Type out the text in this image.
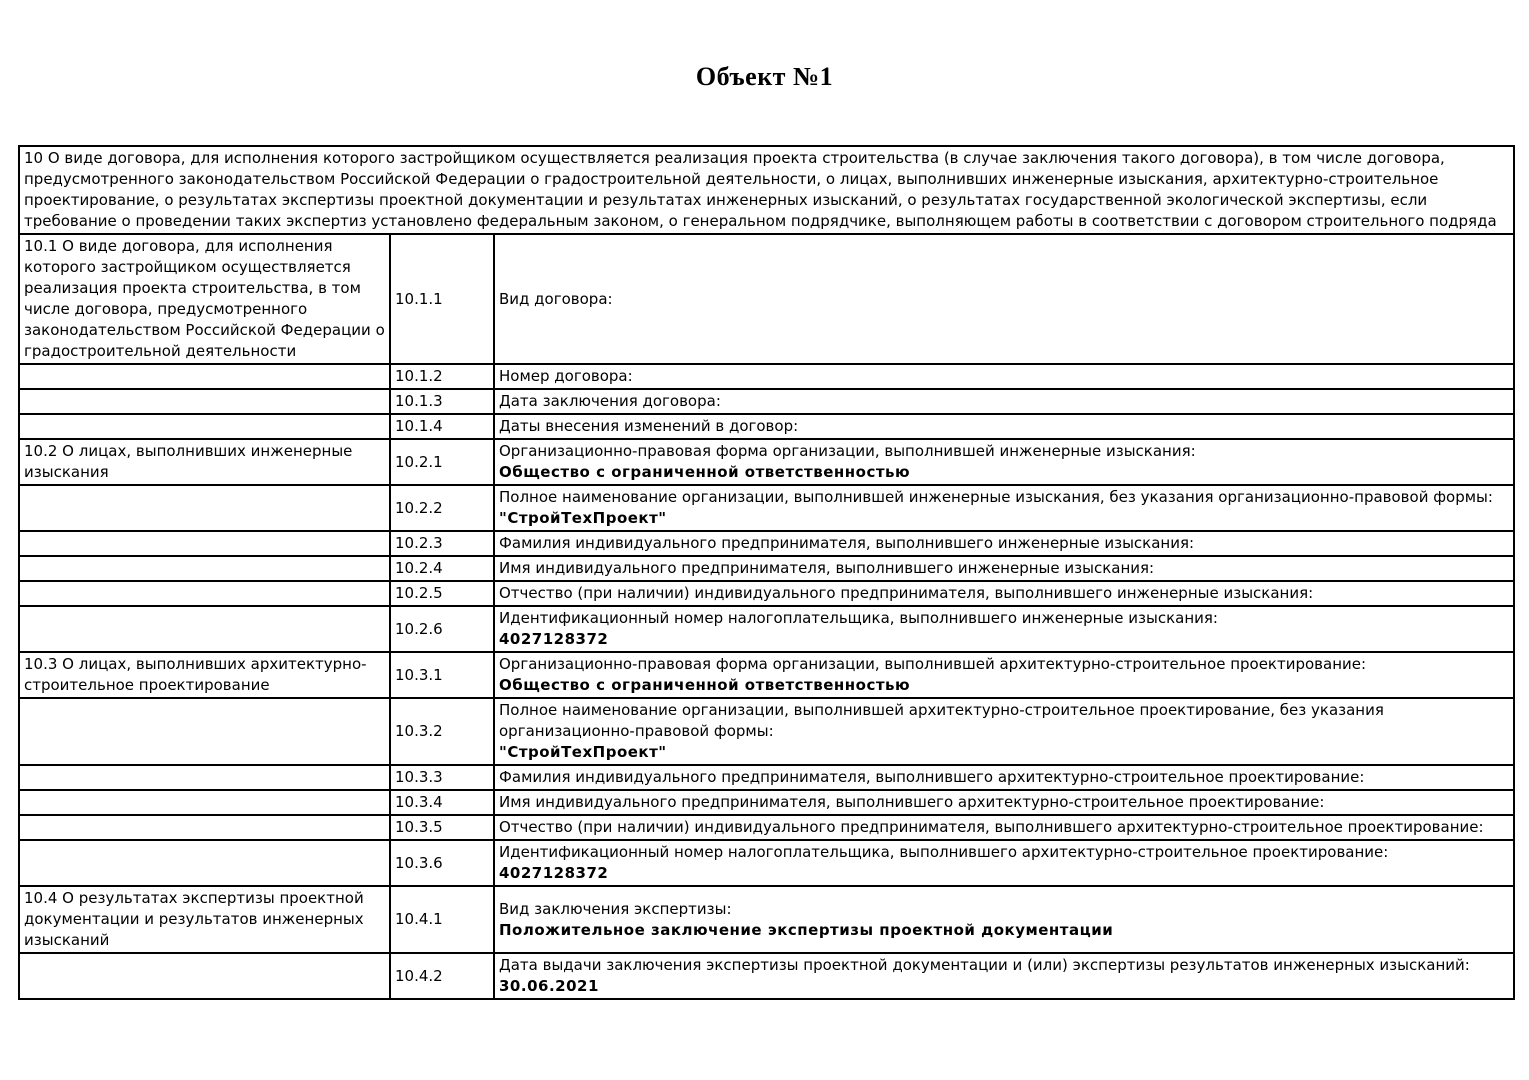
Объект №1
10 О виде договора, для исполнения которого застройщиком осуществляется реализация проекта строительства (в случае заключения такого договора), в том числе договора, предусмотренного законодательством Российской Федерации о градостроительной деятельности, о лицах, выполнивших инженерные изыскания, архитектурно-строительное проектирование, о результатах экспертизы проектной документации и результатах инженерных изысканий, о результатах государственной экологической экспертизы, если требование о проведении таких экспертиз установлено федеральным законом, о генеральном подрядчике, выполняющем работы в соответствии с договором строительного подряда		
10.1 О виде договора, для исполнения которого застройщиком осуществляется реализация проекта строительства, в том числе договора, предусмотренного законодательством Российской Федерации о градостроительной деятельности	10.1.1	Вид договора:

	10.1.2	Номер договора:

	10.1.3	Дата заключения договора:

	10.1.4	Даты внесения изменений в договор:

10.2 О лицах, выполнивших инженерные изыскания	10.2.1	Организационно-правовая форма организации, выполнившей инженерные изыскания:
Общество с ограниченной ответственностью

	10.2.2	Полное наименование организации, выполнившей инженерные изыскания, без указания организационно-правовой формы:
"СтройТехПроект"

	10.2.3	Фамилия индивидуального предпринимателя, выполнившего инженерные изыскания:

	10.2.4	Имя индивидуального предпринимателя, выполнившего инженерные изыскания:

	10.2.5	Отчество (при наличии) индивидуального предпринимателя, выполнившего инженерные изыскания:

	10.2.6	Идентификационный номер налогоплательщика, выполнившего инженерные изыскания:
4027128372

10.3 О лицах, выполнивших архитектурно-строительное проектирование	10.3.1	Организационно-правовая форма организации, выполнившей архитектурно-строительное проектирование:
Общество с ограниченной ответственностью

	10.3.2	Полное наименование организации, выполнившей архитектурно-строительное проектирование, без указания организационно-правовой формы:
"СтройТехПроект"

	10.3.3	Фамилия индивидуального предпринимателя, выполнившего архитектурно-строительное проектирование:

	10.3.4	Имя индивидуального предпринимателя, выполнившего архитектурно-строительное проектирование:

	10.3.5	Отчество (при наличии) индивидуального предпринимателя, выполнившего архитектурно-строительное проектирование:

	10.3.6	Идентификационный номер налогоплательщика, выполнившего архитектурно-строительное проектирование:
4027128372

10.4 О результатах экспертизы проектной документации и результатов инженерных изысканий	10.4.1	Вид заключения экспертизы:
Положительное заключение экспертизы проектной документации

	10.4.2	Дата выдачи заключения экспертизы проектной документации и (или) экспертизы результатов инженерных изысканий:
30.06.2021
